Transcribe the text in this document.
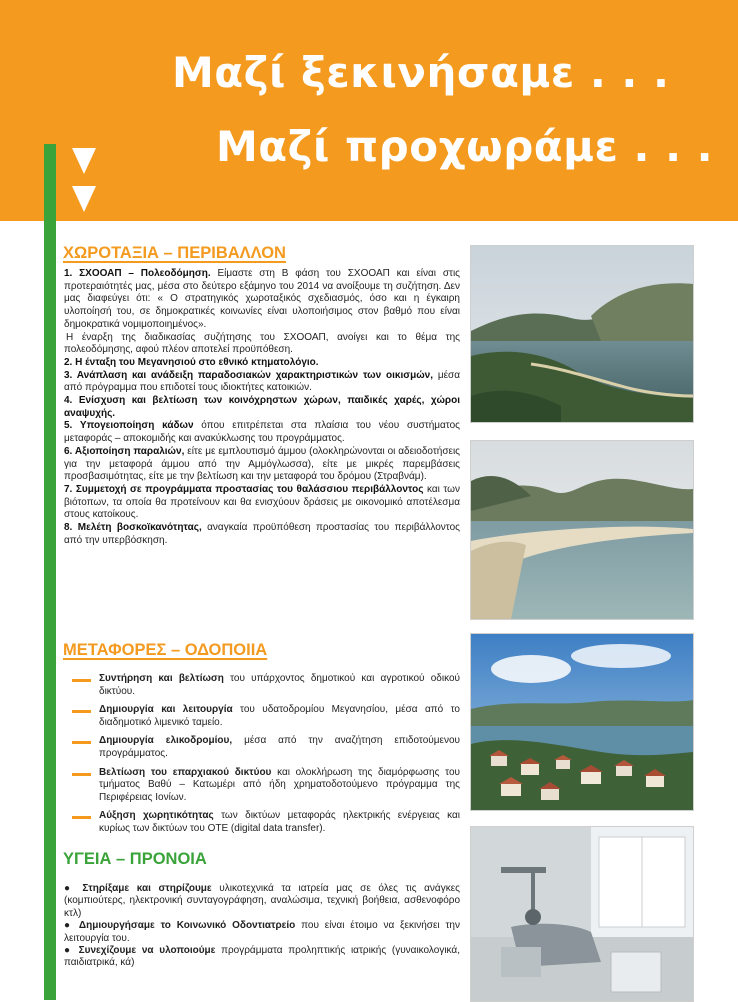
Μαζί ξεκινήσαμε . . .
Μαζί προχωράμε . . .
ΧΩΡΟΤΑΞΙΑ – ΠΕΡΙΒΑΛΛΟΝ

1. ΣΧΟΟΑΠ – Πολεοδόμηση. Είμαστε στη Β φάση του ΣΧΟΟΑΠ και είναι στις προτεραιότητές μας, μέσα στο δεύτερο εξάμηνο του 2014 να ανοίξουμε τη συζήτηση. Δεν μας διαφεύγει ότι: « Ο στρατηγικός χωροταξικός σχεδιασμός, όσο και η έγκαιρη υλοποίησή του, σε δημοκρατικές κοινωνίες είναι υλοποιήσιμος στον βαθμό που είναι δημοκρατικά νομιμοποιημένος».

Η έναρξη της διαδικασίας συζήτησης του ΣΧΟΟΑΠ, ανοίγει και το θέμα της πολεοδόμησης, αφού πλέον αποτελεί προϋπόθεση.

2. Η ένταξη του Μεγανησιού στο εθνικό κτηματολόγιο.

3. Ανάπλαση και ανάδειξη παραδοσιακών χαρακτηριστικών των οικισμών, μέσα από πρόγραμμα που επιδοτεί τους ιδιοκτήτες κατοικιών.

4. Ενίσχυση και βελτίωση των κοινόχρηστων χώρων, παιδικές χαρές, χώροι αναψυχής.

5. Υπογειοποίηση κάδων όπου επιτρέπεται στα πλαίσια του νέου συστήματος μεταφοράς – αποκομιδής και ανακύκλωσης του προγράμματος.

6. Αξιοποίηση παραλιών, είτε με εμπλουτισμό άμμου (ολοκληρώνονται οι αδειοδοτήσεις για την μεταφορά άμμου από την Αμμόγλωσσα), είτε με μικρές παρεμβάσεις προσβασιμότητας, είτε με την βελτίωση και την μεταφορά του δρόμου (Στραβνάμ).

7. Συμμετοχή σε προγράμματα προστασίας του θαλάσσιου περιβάλλοντος και των βιότοπων, τα οποία θα προτείνουν και θα ενισχύουν δράσεις με οικονομικό αποτέλεσμα στους κατοίκους.

8. Μελέτη βοσκοϊκανότητας, αναγκαία προϋπόθεση προστασίας του περιβάλλοντος από την υπερβόσκηση.

ΜΕΤΑΦΟΡΕΣ – ΟΔΟΠΟΙΙΑ
Συντήρηση και βελτίωση του υπάρχοντος δημοτικού και αγροτικού οδικού δικτύου.
Δημιουργία και λειτουργία του υδατοδρομίου Μεγανησίου, μέσα από το διαδημοτικό λιμενικό ταμείο.
Δημιουργία ελικοδρομίου, μέσα από την αναζήτηση επιδοτούμενου προγράμματος.
Βελτίωση του επαρχιακού δικτύου και ολοκλήρωση της διαμόρφωσης του τμήματος Βαθύ – Κατωμέρι από ήδη χρηματοδοτούμενο πρόγραμμα της Περιφέρειας Ιονίων.
Αύξηση χωρητικότητας των δικτύων μεταφοράς ηλεκτρικής ενέργειας και κυρίως των δικτύων του ΟΤΕ (digital data transfer).
ΥΓΕΙΑ – ΠΡΟΝΟΙΑ
● Στηρίξαμε και στηρίζουμε υλικοτεχνικά τα ιατρεία μας σε όλες τις ανάγκες (κομπιούτερς, ηλεκτρονική συνταγογράφηση, αναλώσιμα, τεχνική βοήθεια, ασθενοφόρο κτλ)
● Δημιουργήσαμε το Κοινωνικό Οδοντιατρείο που είναι έτοιμο να ξεκινήσει την λειτουργία του.
● Συνεχίζουμε να υλοποιούμε προγράμματα προληπτικής ιατρικής (γυναικολογικά, παιδιατρικά, κά)
